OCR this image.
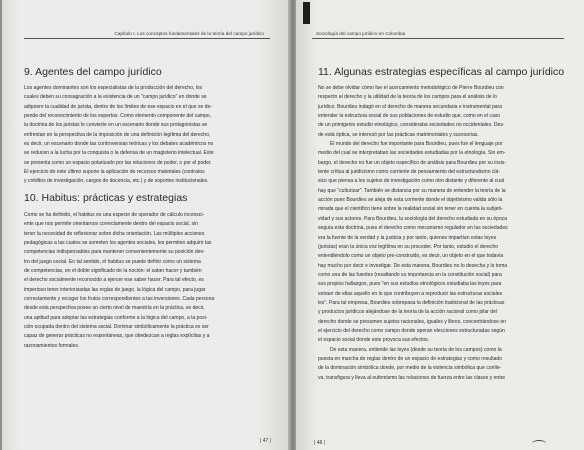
Capítulo I. Los conceptos fundamentales de la teoría del campo jurídico
9. Agentes del campo jurídico
Los agentes dominantes son los especialistas de la producción del derecho, los
cuales deben su consagración a la existencia de un "campo jurídico" en donde se
adquiere la cualidad de jurista, dentro de los límites de ese espacio en el que se de-
pende del reconocimiento de los expertos. Como elemento componente del campo,
la doctrina de los juristas le convierte en un escenario donde sus protagonistas se
enfrentan en la perspectiva de la imposición de una definición legítima del derecho,
es decir, un escenario donde las controversias teóricas y los debates académicos no
se reducen a la lucha por la conquista o la defensa de un magisterio intelectual. Este
se presenta como un espacio polarizado por las relaciones de poder, o por el poder.
El ejercicio de este último supone la aplicación de recursos materiales (contratos
y créditos de investigación, cargos de docencia, etc.) y de soportes institucionales.
10. Habitus: prácticas y estrategias
Como se ha definido, el habitus es una especie de operador de cálculo inconsci-
ente que nos permite orientarnos correctamente dentro del espacio social, sin
tener la necesidad de reflexionar sobre dicha orientación. Las múltiples acciones
pedagógicas a las cuales se someten los agentes sociales, les permiten adquirir las
competencias indispensables para mantener convenientemente su posición den-
tro del juego social. En tal sentido, el habitus se puede definir como un sistema
de competencias, en el doble significado de la noción: el saber hacer y también
el derecho socialmente reconocido a ejercer ese saber hacer. Para tal efecto, es
imperioso tener interiorizadas las reglas de juego, la lógica del campo, para jugar
correctamente y recoger los frutos correspondientes a las inversiones. Cada persona
desde esta perspectiva posee un cierto nivel de maestría en la práctica, es decir,
una aptitud para adoptar las estrategias conforme a la lógica del campo, a la posi-
ción ocupada dentro del sistema social. Dominar simbólicamente la práctica es ser
capaz de generar prácticas no espontáneas, que obedezcan a reglas explícitas y a
razonamientos formales.
| 47 |
Sociología del campo jurídico en Colombia
11. Algunas estrategias específicas al campo jurídico
No se debe olvidar cómo fue el acercamiento metodológico de Pierre Bourdieu con
respecto al derecho y la utilidad de la teoría de los campos para el análisis de lo
jurídico. Bourdieu indagó en el derecho de manera secundaria e instrumental para
entender la estructura social de sus poblaciones de estudio que, como en el caso
de un primigenio estudio etnológico, consideraba sociedades no occidentales. Des-
de está óptica, se interesó por las prácticas matrimoniales y sucesorias.
El mundo del derecho fue importante para Bourdieu, pues fue el lenguaje por
medio del cual se interpretaban las sociedades estudiadas por la etnología. Sin em-
bargo, el derecho no fue un objeto específico de análisis para Bourdieu por su insis-
tente crítica al juridicismo como corriente de pensamiento del estructuralismo clá-
sico que piensa a los sujetos de investigación como otro distante y diferente al cual
hay que "culturizar". También se distancia por su manera de entender la teoría de la
acción pues Bourdieu se aleja de esta corriente donde el objetivismo valida sólo la
mirada que el científico tiene sobre la realidad social sin tener en cuenta la subjeti-
vidad y sus actores. Para Bourdieu, la sociología del derecho estudiada en su época
seguía esta doctrina, pues el derecho como mecanismo regulador en las sociedades
era la fuente de la verdad y la justicia y por tanto, quienes impartían estas leyes
(juristas) eran la única voz legítima en su proceder. Por tanto, estudio el derecho
entendiéndolo como un objeto pre-construido, es decir, un objeto en el que todavía
hay mucho por decir e investigar. De esta manera, Bourdieu no lo desecha y lo toma
como una de las fuentes (resaltando su importancia en la constitución social) para
sus propios hallazgos, pues "en sus estudios etnológicos estudiaba las leyes para
extraer de ellas aquello en lo que contribuyen a reproducir las estructuras sociales
les". Para tal empresa, Bourdieu sobrepasa la definición tradicional de las prácticas
y productos jurídicos alejándose de la teoría de la acción racional como pilar del
derecho donde se presumen sujetos racionales, iguales y libres, concentrándose en
el ejercicio del derecho como campo donde operan elecciones estructuradas según
el espacio social donde este provoca sus efectos.
De esta manera, entiende las leyes (desde su teoría de los campos) como la
puesta en marcha de reglas dentro de un espacio de estrategias y como resultado
de la dominación simbólica donde, por medio de la violencia simbólica que conlle-
va, transfigura y lleva al eufemismo las relaciones de fuerza entre las clases y entre
| 48 |
